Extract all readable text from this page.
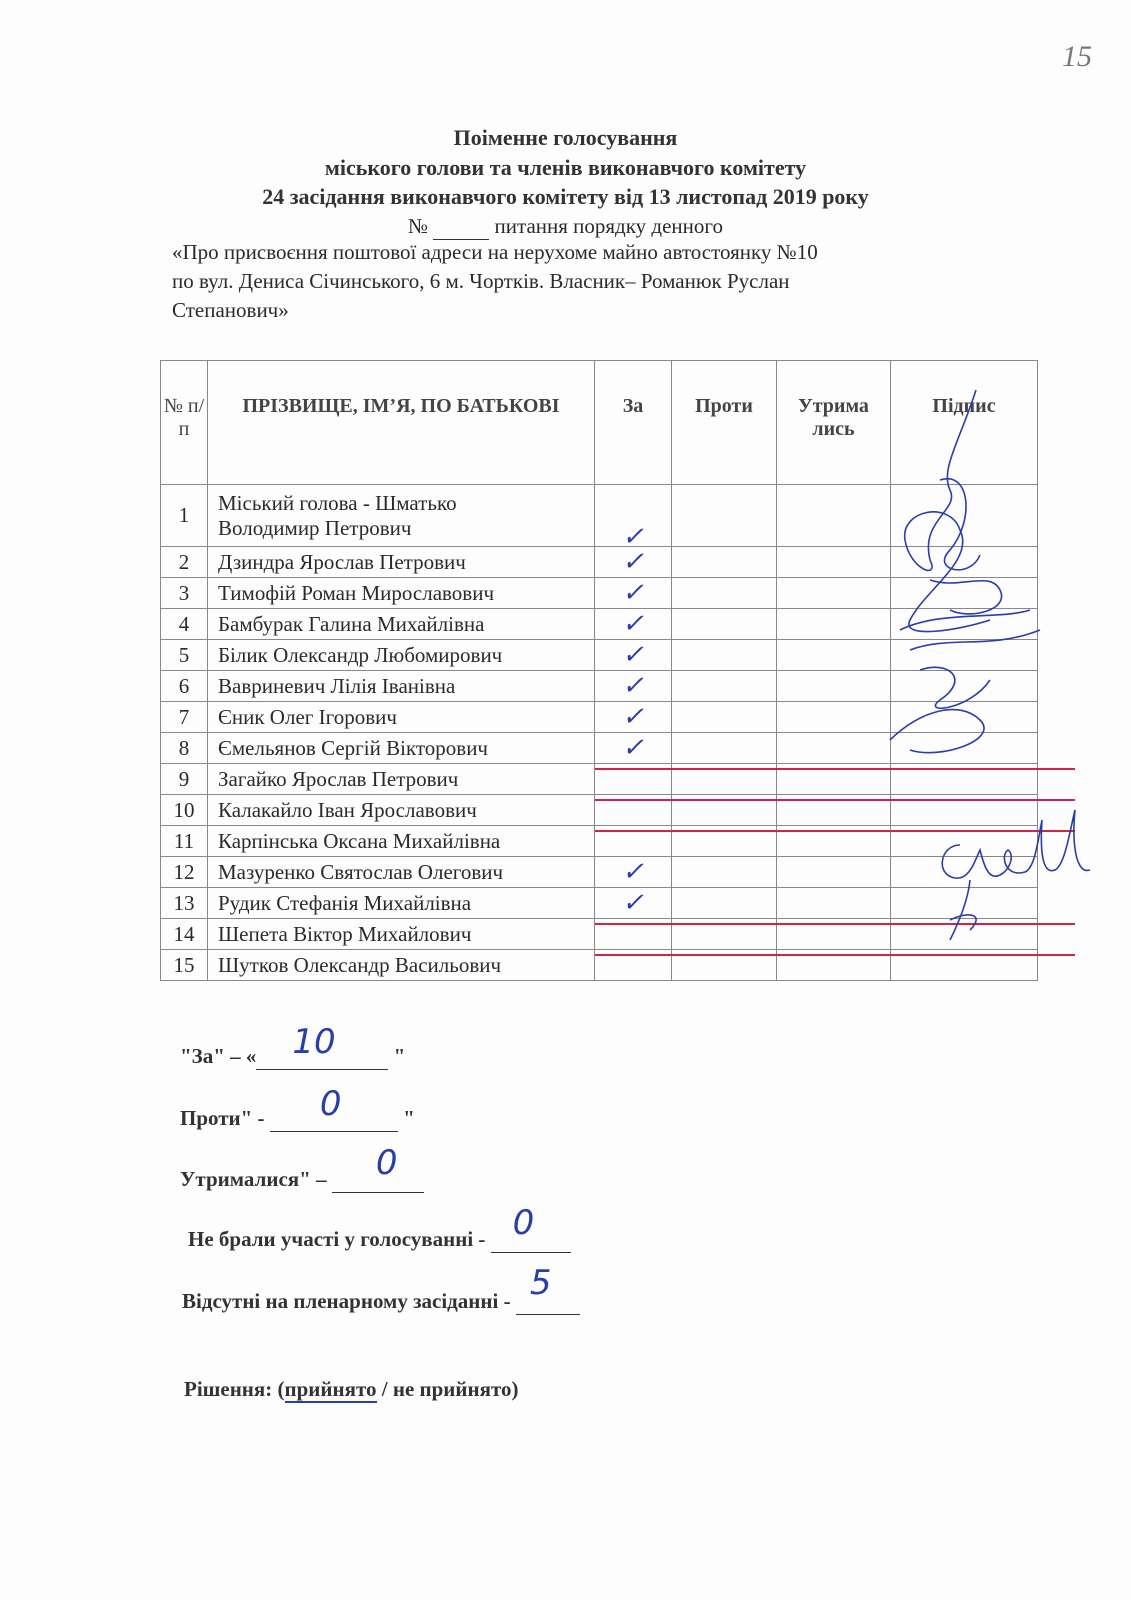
15
Поіменне голосування
міського голови та членів виконавчого комітету
24 засідання виконавчого комітету від 13 листопад 2019 року
№	питання порядку денного
«Про присвоєння поштової адреси на нерухоме майно автостоянку №10
по вул. Дениса Січинського, 6 м. Чортків. Власник– Романюк Руслан
Степанович»
№ п/ п	ПРІЗВИЩЕ, ІМ’Я, ПО БАТЬКОВІ	За	Проти	Утрима лись	Підпис
1	Міський голова - Шматько
Володимир Петрович	✓			
2	Дзиндра Ярослав Петрович	✓			
3	Тимофій Роман Мирославович	✓			
4	Бамбурак Галина Михайлівна	✓			
5	Білик Олександр Любомирович	✓			
6	Вавриневич Лілія Іванівна	✓			
7	Єник Олег Ігорович	✓			
8	Ємельянов Сергій Вікторович	✓			
9	Загайко Ярослав Петрович				

10	Калакайло Іван Ярославович				

11	Карпінська Оксана Михайлівна				

12	Мазуренко Святослав Олегович	✓			
13	Рудик Стефанія Михайлівна	✓			
14	Шепета Віктор Михайлович				

15	Шутков Олександр Васильович				

"За" – « 10	"
Проти" - 0	"
Утрималися" – 0

Не брали участі у голосуванні - 0

Відсутні на пленарному засіданні - 5

Рішення: (прийнято / не прийнято)
